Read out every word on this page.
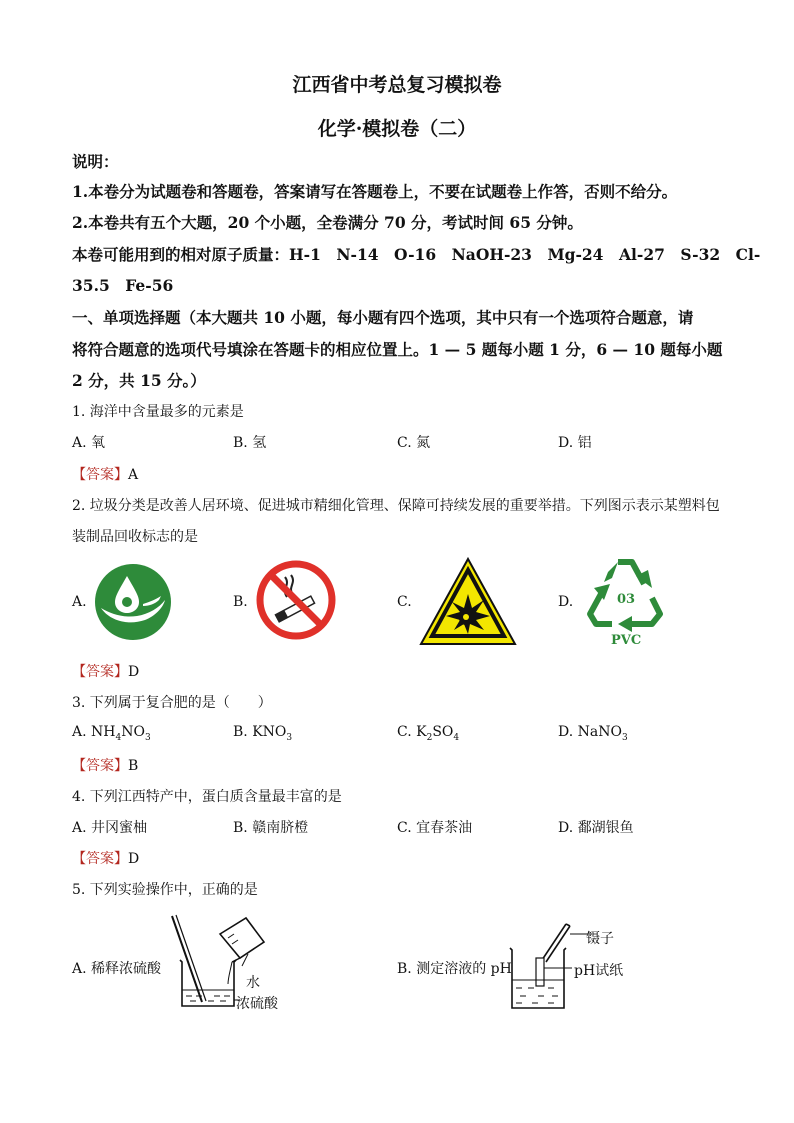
江西省中考总复习模拟卷
化学·模拟卷（二）
说明：
1.本卷分为试题卷和答题卷，答案请写在答题卷上，不要在试题卷上作答，否则不给分。
2.本卷共有五个大题，20 个小题，全卷满分 70 分，考试时间 65 分钟。
本卷可能用到的相对原子质量：H-1　N-14　O-16　NaOH-23　Mg-24　Al-27　S-32　Cl-
35.5　Fe-56
一、单项选择题（本大题共 10 小题，每小题有四个选项，其中只有一个选项符合题意，请
将符合题意的选项代号填涂在答题卡的相应位置上。1 — 5 题每小题 1 分，6 — 10 题每小题
2 分，共 15 分。）
1. 海洋中含量最多的元素是
A. 氧	B. 氢	C. 氮	D. 铝
【答案】A
2. 垃圾分类是改善人居环境、促进城市精细化管理、保障可持续发展的重要举措。下列图示表示某塑料包
装制品回收标志的是
A.	B.	C.	D.	03
PVC
【答案】D
3. 下列属于复合肥的是（　　）
A. $NH_4NO_3$	B. $KNO_3$	C. $K_2SO_4$	D. NaNO$_3$
【答案】B
4. 下列江西特产中，蛋白质含量最丰富的是
A. 井冈蜜柚	B. 赣南脐橙	C. 宜春茶油	D. 鄱湖银鱼
【答案】D
5. 下列实验操作中，正确的是
A. 稀释浓硫酸
水
浓硫酸
B. 测定溶液的 pH
镊子
pH试纸
